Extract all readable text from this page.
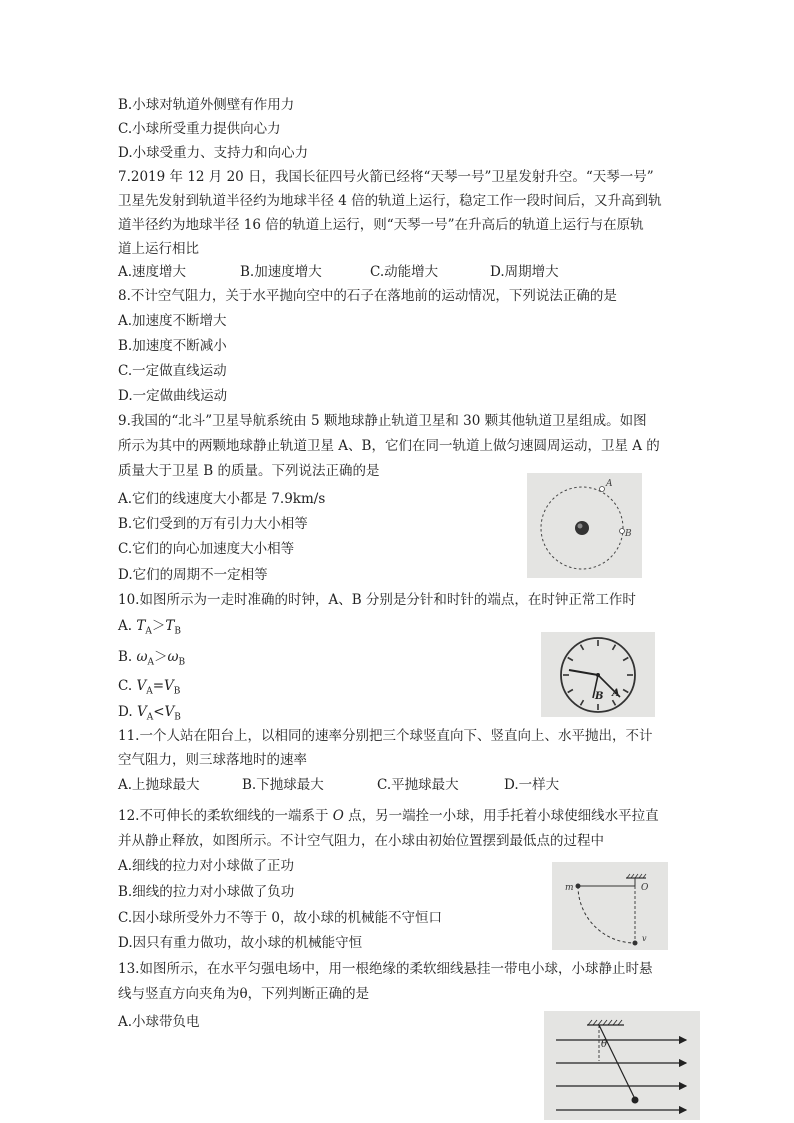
B.小球对轨道外侧壁有作用力
C.小球所受重力提供向心力
D.小球受重力、支持力和向心力
7.2019 年 12 月 20 日，我国长征四号火箭已经将“天琴一号”卫星发射升空。“天琴一号”
卫星先发射到轨道半径约为地球半径 4 倍的轨道上运行，稳定工作一段时间后，又升高到轨
道半径约为地球半径 16 倍的轨道上运行，则“天琴一号”在升高后的轨道上运行与在原轨
道上运行相比
A.速度增大	B.加速度增大	C.动能增大	D.周期增大
8.不计空气阻力，关于水平抛向空中的石子在落地前的运动情况，下列说法正确的是
A.加速度不断增大
B.加速度不断减小
C.一定做直线运动
D.一定做曲线运动
9.我国的“北斗”卫星导航系统由 5 颗地球静止轨道卫星和 30 颗其他轨道卫星组成。如图
所示为其中的两颗地球静止轨道卫星 A、B，它们在同一轨道上做匀速圆周运动，卫星 A 的
质量大于卫星 B 的质量。下列说法正确的是
A.它们的线速度大小都是 7.9km/s
B.它们受到的万有引力大小相等
C.它们的向心加速度大小相等
D.它们的周期不一定相等
A
B
10.如图所示为一走时准确的时钟，A、B 分别是分针和时针的端点，在时钟正常工作时
A. $T_A>T_B$
B. $\omega_A>\omega_B$
C. $V_A=V_B$
D. $V_A<V_B$
B A
11.一个人站在阳台上，以相同的速率分别把三个球竖直向下、竖直向上、水平抛出，不计
空气阻力，则三球落地时的速率
A.上抛球最大	B.下抛球最大	C.平抛球最大	D.一样大
12.不可伸长的柔软细线的一端系于 O 点，另一端拴一小球，用手托着小球使细线水平拉直
并从静止释放，如图所示。不计空气阻力，在小球由初始位置摆到最低点的过程中
A.细线的拉力对小球做了正功
B.细线的拉力对小球做了负功
C.因小球所受外力不等于 0，故小球的机械能不守恒口
D.因只有重力做功，故小球的机械能守恒
m	O
v
13.如图所示，在水平匀强电场中，用一根绝缘的柔软细线悬挂一带电小球，小球静止时悬
线与竖直方向夹角为θ，下列判断正确的是
A.小球带负电
θ
